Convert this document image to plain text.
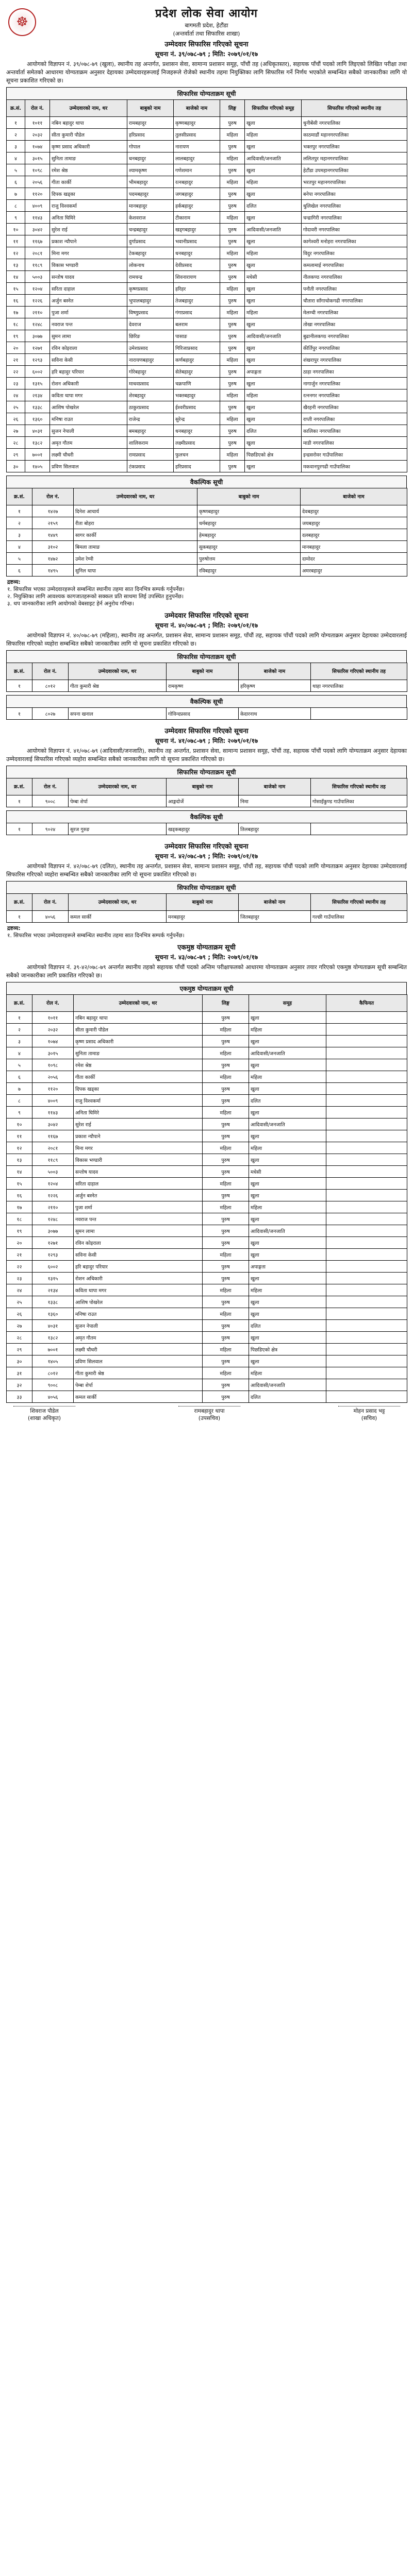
☸
प्रदेश लोक सेवा आयोग
बागमती प्रदेश, हेटौंडा
(अन्तर्वार्ता तथा सिफारिस शाखा)
उम्मेदवार सिफारिस गरिएको सूचना
सूचना नं. ३९/०७८-७९ ; मिति: २०७९/०१/१७
आयोगको विज्ञापन नं. ३९/०७८-७९ (खुला), स्थानीय तह अन्तर्गत, प्रशासन सेवा, सामान्य प्रशासन समूह, पाँचौं तह (अधिकृतस्तर), सहायक पाँचौं पदको लागि लिइएको लिखित परीक्षा तथा अन्तर्वार्ता समेतको आधारमा योग्यताक्रम अनुसार देहायका उम्मेदवारहरूलाई निजहरूले रोजेको स्थानीय तहमा नियुक्तिका लागि सिफारिस गर्ने निर्णय भएकोले सम्बन्धित सबैको जानकारीका लागि यो सूचना प्रकाशित गरिएको छ।
सिफारिस योग्यताक्रम सूची
क्र.सं.	रोल नं.	उम्मेदवारको नाम, थर	बाबुको नाम	बाजेको नाम	लिङ्ग	सिफारिस गरिएको समूह	सिफारिस गरिएको स्थानीय तह
१	१०११	नबिन बहादुर थापा	रामबहादुर	कृष्णबहादुर	पुरुष	खुला	धुनीबेंसी नगरपालिका
२	२०३२	सीता कुमारी पौडेल	हरिप्रसाद	तुलसीप्रसाद	महिला	महिला	काठमाडौं महानगरपालिका
३	१०७४	कृष्ण प्रसाद अधिकारी	गोपाल	नारायण	पुरुष	खुला	भक्तपुर नगरपालिका
४	३०१५	सुनिता तामाङ	धनबहादुर	लालबहादुर	महिला	आदिवासी/जनजाति	ललितपुर महानगरपालिका
५	१०९८	रमेश श्रेष्ठ	श्यामकृष्ण	गणेशमान	पुरुष	खुला	हेटौंडा उपमहानगरपालिका
६	२०५६	गीता कार्की	भीमबहादुर	रत्नबहादुर	महिला	महिला	भरतपुर महानगरपालिका
७	११२०	दिपक खड्का	पदमबहादुर	जगबहादुर	पुरुष	खुला	बनेपा नगरपालिका
८	४००९	राजु विश्वकर्मा	मानबहादुर	हर्कबहादुर	पुरुष	दलित	धुलिखेल नगरपालिका
९	११४३	अनिता घिमिरे	केशवराज	टीकाराम	महिला	खुला	चन्द्रागिरी नगरपालिका
१०	३०४२	सुरेश राई	चन्द्रबहादुर	खड्गबहादुर	पुरुष	आदिवासी/जनजाति	गोदावरी नगरपालिका
११	११६७	प्रकाश न्यौपाने	दुर्गाप्रसाद	भवानीप्रसाद	पुरुष	खुला	कागेश्वरी मनोहरा नगरपालिका
१२	२०८१	मिना मगर	टेकबहादुर	धनबहादुर	महिला	महिला	विदुर नगरपालिका
१३	११८९	विकास भण्डारी	लोकनाथ	देवीप्रसाद	पुरुष	खुला	कमलामाई नगरपालिका
१४	५००३	सन्तोष यादव	रामचन्द्र	शिवनारायण	पुरुष	मधेसी	नीलकण्ठ नगरपालिका
१५	१२०४	सरिता दाहाल	कृष्णप्रसाद	हरिहर	महिला	खुला	पनौती नगरपालिका
१६	१२२६	अर्जुन बस्नेत	भुपालबहादुर	तेजबहादुर	पुरुष	खुला	चौतारा साँगाचोकगढी नगरपालिका
१७	२११०	पुजा शर्मा	विष्णुप्रसाद	गंगाप्रसाद	महिला	महिला	मेलम्ची नगरपालिका
१८	१२४८	नवराज पन्त	देवराज	बलराम	पुरुष	खुला	तोखा नगरपालिका
१९	३०७७	सुमन लामा	छिरिङ	पासाङ	पुरुष	आदिवासी/जनजाति	बुढानीलकण्ठ नगरपालिका
२०	१२७१	रविन कोइराला	उमेशप्रसाद	गिरिजाप्रसाद	पुरुष	खुला	कीर्तिपुर नगरपालिका
२१	१२९३	सविना केसी	नारायणबहादुर	कर्णबहादुर	महिला	खुला	शंखरापुर नगरपालिका
२२	६००२	हरि बहादुर परियार	गोरेबहादुर	सेतेबहादुर	पुरुष	अपाङ्गता	ठाहा नगरपालिका
२३	१३१५	रोशन अधिकारी	माधवप्रसाद	चक्रपाणि	पुरुष	खुला	नागार्जुन नगरपालिका
२४	२१३४	कविता थापा मगर	शेरबहादुर	भक्तबहादुर	महिला	महिला	रत्ननगर नगरपालिका
२५	१३३८	आशिष पोखरेल	ठाकुरप्रसाद	ईश्वरीप्रसाद	पुरुष	खुला	खैरहनी नगरपालिका
२६	१३६०	मनिषा राउत	राजेन्द्र	सुरेन्द्र	महिला	खुला	राप्ती नगरपालिका
२७	४०३१	सुजन नेपाली	बमबहादुर	धनबहादुर	पुरुष	दलित	कालिका नगरपालिका
२८	१३८२	अमृत गौतम	शालिकराम	लक्ष्मीप्रसाद	पुरुष	खुला	माडी नगरपालिका
२९	७००१	लक्ष्मी चौधरी	रामप्रसाद	फुलचन	महिला	पिछडिएको क्षेत्र	इन्द्रसरोवर गाउँपालिका
३०	१४०५	प्रविण सिलवाल	टंकप्रसाद	हरिप्रसाद	पुरुष	खुला	मकवानपुरगढी गाउँपालिका
वैकल्पिक सूची
क्र.सं.	रोल नं.	उम्मेदवारको नाम, थर	बाबुको नाम	बाजेको नाम
१	१४२७	दिनेश आचार्य	कृष्णबहादुर	देवबहादुर
२	२१५९	रीता बोहरा	धर्मबहादुर	जयबहादुर
३	१४४९	सागर कार्की	हेमबहादुर	दलबहादुर
४	३१०२	बिमला तामाङ	सुकबहादुर	मानबहादुर
५	१४७२	उमेश रेग्मी	पुरुषोत्तम	दामोदर
६	१४९५	सुनिल थापा	रविबहादुर	अमरबहादुर
द्रष्टव्य:
१. सिफारिस भएका उम्मेदवारहरूले सम्बन्धित स्थानीय तहमा सात दिनभित्र सम्पर्क गर्नुपर्नेछ।
२. नियुक्तिका लागि आवश्यक कागजातहरूको सक्कल प्रति साथमा लिई उपस्थित हुनुपर्नेछ।
३. थप जानकारीका लागि आयोगको वेबसाइट हेर्न अनुरोध गरिन्छ।
उम्मेदवार सिफारिस गरिएको सूचना
सूचना नं. ४०/०७८-७९ ; मिति: २०७९/०१/१७
आयोगको विज्ञापन नं. ४०/०७८-७९ (महिला), स्थानीय तह अन्तर्गत, प्रशासन सेवा, सामान्य प्रशासन समूह, पाँचौं तह, सहायक पाँचौं पदको लागि योग्यताक्रम अनुसार देहायका उम्मेदवारलाई सिफारिस गरिएको व्यहोरा सम्बन्धित सबैको जानकारीका लागि यो सूचना प्रकाशित गरिएको छ।
सिफारिस योग्यताक्रम सूची
क्र.सं.	रोल नं.	उम्मेदवारको नाम, थर	बाबुको नाम	बाजेको नाम	सिफारिस गरिएको स्थानीय तह
१	८०१२	गीता कुमारी श्रेष्ठ	रामकृष्ण	हरिकृष्ण	थाहा नगरपालिका
वैकल्पिक सूची
१	८०२७	सपना खनाल	गोविन्दप्रसाद	केदारनाथ	
उम्मेदवार सिफारिस गरिएको सूचना
सूचना नं. ४१/०७८-७९ ; मिति: २०७९/०१/१७
आयोगको विज्ञापन नं. ४१/०७८-७९ (आदिवासी/जनजाति), स्थानीय तह अन्तर्गत, प्रशासन सेवा, सामान्य प्रशासन समूह, पाँचौं तह, सहायक पाँचौं पदको लागि योग्यताक्रम अनुसार देहायका उम्मेदवारलाई सिफारिस गरिएको व्यहोरा सम्बन्धित सबैको जानकारीका लागि यो सूचना प्रकाशित गरिएको छ।
सिफारिस योग्यताक्रम सूची
क्र.सं.	रोल नं.	उम्मेदवारको नाम, थर	बाबुको नाम	बाजेको नाम	सिफारिस गरिएको स्थानीय तह
१	९००८	पेम्बा शेर्पा	आङ्गदोर्जे	निमा	गोसाइँकुण्ड गाउँपालिका
वैकल्पिक सूची
१	९०२४	सुरज गुरुङ	खड्कबहादुर	तिलबहादुर	
उम्मेदवार सिफारिस गरिएको सूचना
सूचना नं. ४२/०७८-७९ ; मिति: २०७९/०१/१७
आयोगको विज्ञापन नं. ४२/०७८-७९ (दलित), स्थानीय तह अन्तर्गत, प्रशासन सेवा, सामान्य प्रशासन समूह, पाँचौं तह, सहायक पाँचौं पदको लागि योग्यताक्रम अनुसार देहायका उम्मेदवारलाई सिफारिस गरिएको व्यहोरा सम्बन्धित सबैको जानकारीका लागि यो सूचना प्रकाशित गरिएको छ।
सिफारिस योग्यताक्रम सूची
क्र.सं.	रोल नं.	उम्मेदवारको नाम, थर	बाबुको नाम	बाजेको नाम	सिफारिस गरिएको स्थानीय तह
१	४०५६	कमल सार्की	मनबहादुर	जितबहादुर	गल्छी गाउँपालिका
द्रष्टव्य:
१. सिफारिस भएका उम्मेदवारहरूले सम्बन्धित स्थानीय तहमा सात दिनभित्र सम्पर्क गर्नुपर्नेछ।
एकमुष्ठ योग्यताक्रम सूची
सूचना नं. ४३/०७८-७९ ; मिति: २०७९/०१/१७
आयोगको विज्ञापन नं. ३९-४२/०७८-७९ अन्तर्गत स्थानीय तहको सहायक पाँचौं पदको अन्तिम परीक्षाफलको आधारमा योग्यताक्रम अनुसार तयार गरिएको एकमुष्ठ योग्यताक्रम सूची सम्बन्धित सबैको जानकारीका लागि प्रकाशित गरिएको छ।
एकमुष्ठ योग्यताक्रम सूची
क्र.सं.	रोल नं.	उम्मेदवारको नाम, थर	लिङ्ग	समूह	कैफियत
१	१०११	नबिन बहादुर थापा	पुरुष	खुला	
२	२०३२	सीता कुमारी पौडेल	महिला	महिला	
३	१०७४	कृष्ण प्रसाद अधिकारी	पुरुष	खुला	
४	३०१५	सुनिता तामाङ	महिला	आदिवासी/जनजाति	
५	१०९८	रमेश श्रेष्ठ	पुरुष	खुला	
६	२०५६	गीता कार्की	महिला	महिला	
७	११२०	दिपक खड्का	पुरुष	खुला	
८	४००९	राजु विश्वकर्मा	पुरुष	दलित	
९	११४३	अनिता घिमिरे	महिला	खुला	
१०	३०४२	सुरेश राई	पुरुष	आदिवासी/जनजाति	
११	११६७	प्रकाश न्यौपाने	पुरुष	खुला	
१२	२०८१	मिना मगर	महिला	महिला	
१३	११८९	विकास भण्डारी	पुरुष	खुला	
१४	५००३	सन्तोष यादव	पुरुष	मधेसी	
१५	१२०४	सरिता दाहाल	महिला	खुला	
१६	१२२६	अर्जुन बस्नेत	पुरुष	खुला	
१७	२११०	पुजा शर्मा	महिला	महिला	
१८	१२४८	नवराज पन्त	पुरुष	खुला	
१९	३०७७	सुमन लामा	पुरुष	आदिवासी/जनजाति	
२०	१२७१	रविन कोइराला	पुरुष	खुला	
२१	१२९३	सविना केसी	महिला	खुला	
२२	६००२	हरि बहादुर परियार	पुरुष	अपाङ्गता	
२३	१३१५	रोशन अधिकारी	पुरुष	खुला	
२४	२१३४	कविता थापा मगर	महिला	महिला	
२५	१३३८	आशिष पोखरेल	पुरुष	खुला	
२६	१३६०	मनिषा राउत	महिला	खुला	
२७	४०३१	सुजन नेपाली	पुरुष	दलित	
२८	१३८२	अमृत गौतम	पुरुष	खुला	
२९	७००१	लक्ष्मी चौधरी	महिला	पिछडिएको क्षेत्र	
३०	१४०५	प्रविण सिलवाल	पुरुष	खुला	
३१	८०१२	गीता कुमारी श्रेष्ठ	महिला	महिला	
३२	९००८	पेम्बा शेर्पा	पुरुष	आदिवासी/जनजाति	
३३	४०५६	कमल सार्की	पुरुष	दलित	
शिवराज पौडेल
(शाखा अधिकृत)
रामबहादुर थापा
(उपसचिव)
मोहन प्रसाद भट्ट
(सचिव)
